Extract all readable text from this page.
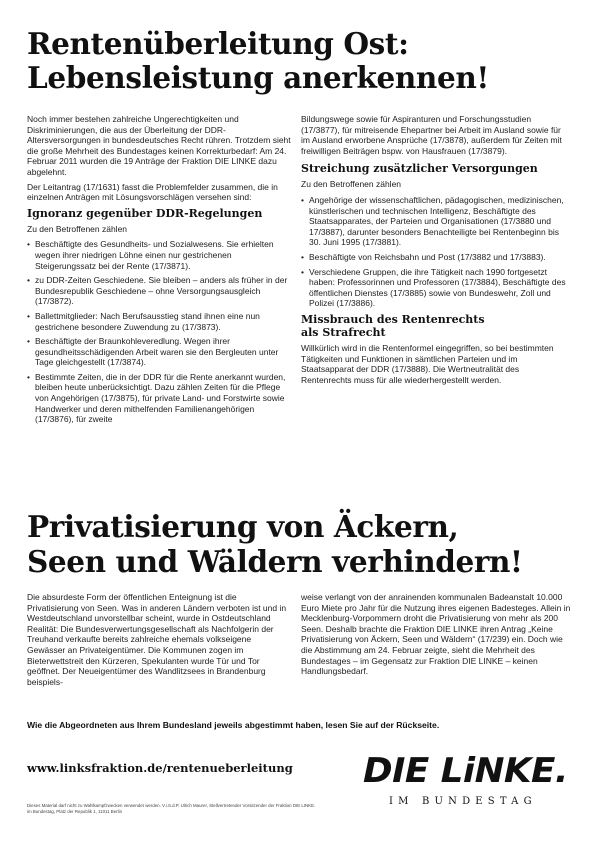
Rentenüberleitung Ost:
Lebensleistung anerkennen!
Noch immer bestehen zahlreiche Ungerechtigkeiten und Diskriminierungen, die aus der Überleitung der DDR-Altersversorgungen in bundesdeutsches Recht rühren. Trotzdem sieht die große Mehrheit des Bundestages keinen Korrekturbedarf: Am 24. Februar 2011 wurden die 19 Anträge der Fraktion DIE LINKE dazu abgelehnt.
Der Leitantrag (17/1631) fasst die Problemfelder zusammen, die in einzelnen Anträgen mit Lösungsvorschlägen versehen sind:
Ignoranz gegenüber DDR-Regelungen
Zu den Betroffenen zählen
• Beschäftigte des Gesundheits- und Sozialwesens. Sie erhielten wegen ihrer niedrigen Löhne einen nur gestrichenen Steigerungssatz bei der Rente (17/3871).
• zu DDR-Zeiten Geschiedene. Sie bleiben – anders als früher in der Bundesrepublik Geschiedene – ohne Versorgungsausgleich (17/3872).
• Ballettmitglieder: Nach Berufsausstieg stand ihnen eine nun gestrichene besondere Zuwendung zu (17/3873).
• Beschäftigte der Braunkohleveredlung. Wegen ihrer gesundheitsschädigenden Arbeit waren sie den Bergleuten unter Tage gleichgestellt (17/3874).
• Bestimmte Zeiten, die in der DDR für die Rente anerkannt wurden, bleiben heute unberücksichtigt. Dazu zählen Zeiten für die Pflege von Angehörigen (17/3875), für private Land- und Forstwirte sowie Handwerker und deren mithelfenden Familienangehörigen (17/3876), für zweite
Bildungswege sowie für Aspiranturen und Forschungsstudien (17/3877), für mitreisende Ehepartner bei Arbeit im Ausland sowie für im Ausland erworbene Ansprüche (17/3878), außerdem für Zeiten mit freiwilligen Beiträgen bspw. von Hausfrauen (17/3879).
Streichung zusätzlicher Versorgungen
Zu den Betroffenen zählen
• Angehörige der wissenschaftlichen, pädagogischen, medizinischen, künstlerischen und technischen Intelligenz, Beschäftigte des Staatsapparates, der Parteien und Organisationen (17/3880 und 17/3887), darunter besonders Benachteiligte bei Rentenbeginn bis 30. Juni 1995 (17/3881).
• Beschäftigte von Reichsbahn und Post (17/3882 und 17/3883).
• Verschiedene Gruppen, die ihre Tätigkeit nach 1990 fortgesetzt haben: Professorinnen und Professoren (17/3884), Beschäftigte des öffentlichen Dienstes (17/3885) sowie von Bundeswehr, Zoll und Polizei (17/3886).
Missbrauch des Rentenrechts
als Strafrecht
Willkürlich wird in die Rentenformel eingegriffen, so bei bestimmten Tätigkeiten und Funktionen in sämtlichen Parteien und im Staatsapparat der DDR (17/3888). Die Wertneutralität des Rentenrechts muss für alle wiederhergestellt werden.
Privatisierung von Äckern,
Seen und Wäldern verhindern!
Die absurdeste Form der öffentlichen Enteignung ist die Privatisierung von Seen. Was in anderen Ländern verboten ist und in Westdeutschland unvorstellbar scheint, wurde in Ostdeutschland Realität: Die Bundesverwertungsgesellschaft als Nachfolgerin der Treuhand verkaufte bereits zahlreiche ehemals volkseigene Gewässer an Privateigentümer. Die Kommunen zogen im Bieterwettstreit den Kürzeren, Spekulanten wurde Tür und Tor geöffnet. Der Neueigentümer des Wandlitzsees in Brandenburg beispiels-
weise verlangt von der anrainenden kommunalen Badeanstalt 10.000 Euro Miete pro Jahr für die Nutzung ihres eigenen Badesteges. Allein in Mecklenburg-Vorpommern droht die Privatisierung von mehr als 200 Seen. Deshalb brachte die Fraktion DIE LINKE ihren Antrag „Keine Privatisierung von Äckern, Seen und Wäldern“ (17/239) ein. Doch wie die Abstimmung am 24. Februar zeigte, sieht die Mehrheit des Bundestages – im Gegensatz zur Fraktion DIE LINKE – keinen Handlungsbedarf.
Wie die Abgeordneten aus Ihrem Bundesland jeweils abgestimmt haben, lesen Sie auf der Rückseite.
www.linksfraktion.de/rentenueberleitung
Dieses Material darf nicht zu Wahlkampfzwecken verwendet werden. V.i.S.d.P. Ulrich Maurer, Stellvertretender Vorsitzender der Fraktion DIE LINKE. im Bundestag, Platz der Republik 1, 11011 Berlin
DIE LiNKE.
IM BUNDESTAG
